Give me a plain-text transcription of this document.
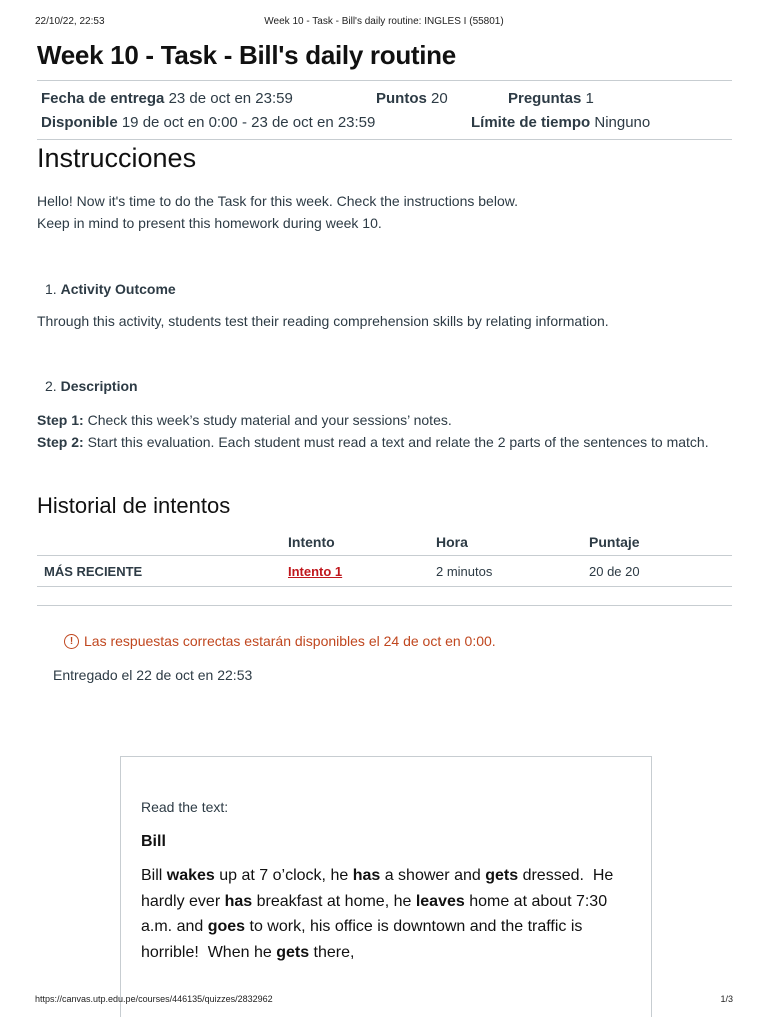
22/10/22, 22:53	Week 10 - Task - Bill's daily routine: INGLES I (55801)
Week 10 - Task - Bill's daily routine
Fecha de entrega 23 de oct en 23:59	Puntos 20	Preguntas 1
Disponible 19 de oct en 0:00 - 23 de oct en 23:59	Límite de tiempo Ninguno
Instrucciones

Hello! Now it's time to do the Task for this week. Check the instructions below.

Keep in mind to present this homework during week 10.

1. Activity Outcome

Through this activity, students test their reading comprehension skills by relating information.

2. Description

Step 1: Check this week’s study material and your sessions’ notes.

Step 2: Start this evaluation. Each student must read a text and relate the 2 parts of the sentences to match.

Historial de intentos
	Intento	Hora	Puntaje
MÁS RECIENTE	Intento 1	2 minutos	20 de 20
! Las respuestas correctas estarán disponibles el 24 de oct en 0:00.
Entregado el 22 de oct en 22:53
Read the text:
Bill
Bill wakes up at 7 o’clock, he has a shower and gets dressed.  He hardly ever has breakfast at home, he leaves home at about 7:30 a.m. and goes to work, his office is downtown and the traffic is horrible!  When he gets there,
https://canvas.utp.edu.pe/courses/446135/quizzes/2832962	1/3
